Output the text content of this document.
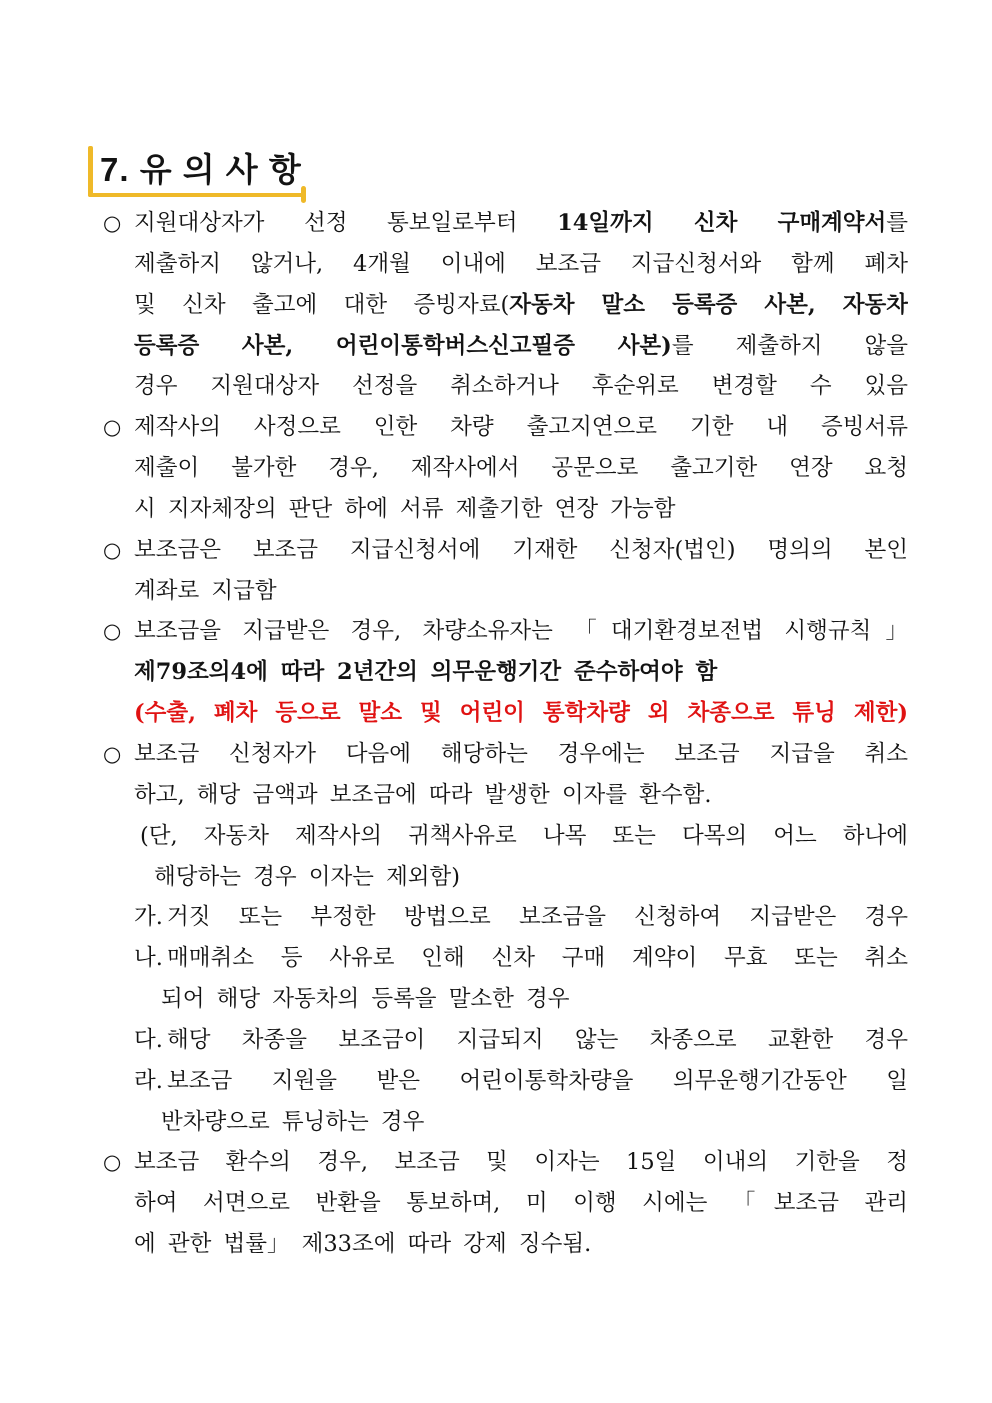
7. 유 의 사 항
○ 지원대상자가 선정 통보일로부터 14일까지 신차 구매계약서를
제출하지 않거나, 4개월 이내에 보조금 지급신청서와 함께 폐차
및 신차 출고에 대한 증빙자료(자동차 말소 등록증 사본, 자동차
등록증 사본, 어린이통학버스신고필증 사본)를 제출하지 않을
경우 지원대상자 선정을 취소하거나 후순위로 변경할 수 있음
○ 제작사의 사정으로 인한 차량 출고지연으로 기한 내 증빙서류
제출이 불가한 경우, 제작사에서 공문으로 출고기한 연장 요청
시 지자체장의 판단 하에 서류 제출기한 연장 가능함
○ 보조금은 보조금 지급신청서에 기재한 신청자(법인) 명의의 본인
계좌로 지급함
○ 보조금을 지급받은 경우, 차량소유자는 「대기환경보전법 시행규칙」
제79조의4에 따라 2년간의 의무운행기간 준수하여야 함
(수출, 폐차 등으로 말소 및 어린이 통학차량 외 차종으로 튜닝 제한)
○ 보조금 신청자가 다음에 해당하는 경우에는 보조금 지급을 취소
하고, 해당 금액과 보조금에 따라 발생한 이자를 환수함.
(단, 자동차 제작사의 귀책사유로 나목 또는 다목의 어느 하나에
해당하는 경우 이자는 제외함)
가. 거짓 또는 부정한 방법으로 보조금을 신청하여 지급받은 경우
나. 매매취소 등 사유로 인해 신차 구매 계약이 무효 또는 취소
되어 해당 자동차의 등록을 말소한 경우
다. 해당 차종을 보조금이 지급되지 않는 차종으로 교환한 경우
라. 보조금 지원을 받은 어린이통학차량을 의무운행기간동안 일
반차량으로 튜닝하는 경우
○ 보조금 환수의 경우, 보조금 및 이자는 15일 이내의 기한을 정
하여 서면으로 반환을 통보하며, 미 이행 시에는 「보조금 관리
에 관한 법률」 제33조에 따라 강제 징수됨.
